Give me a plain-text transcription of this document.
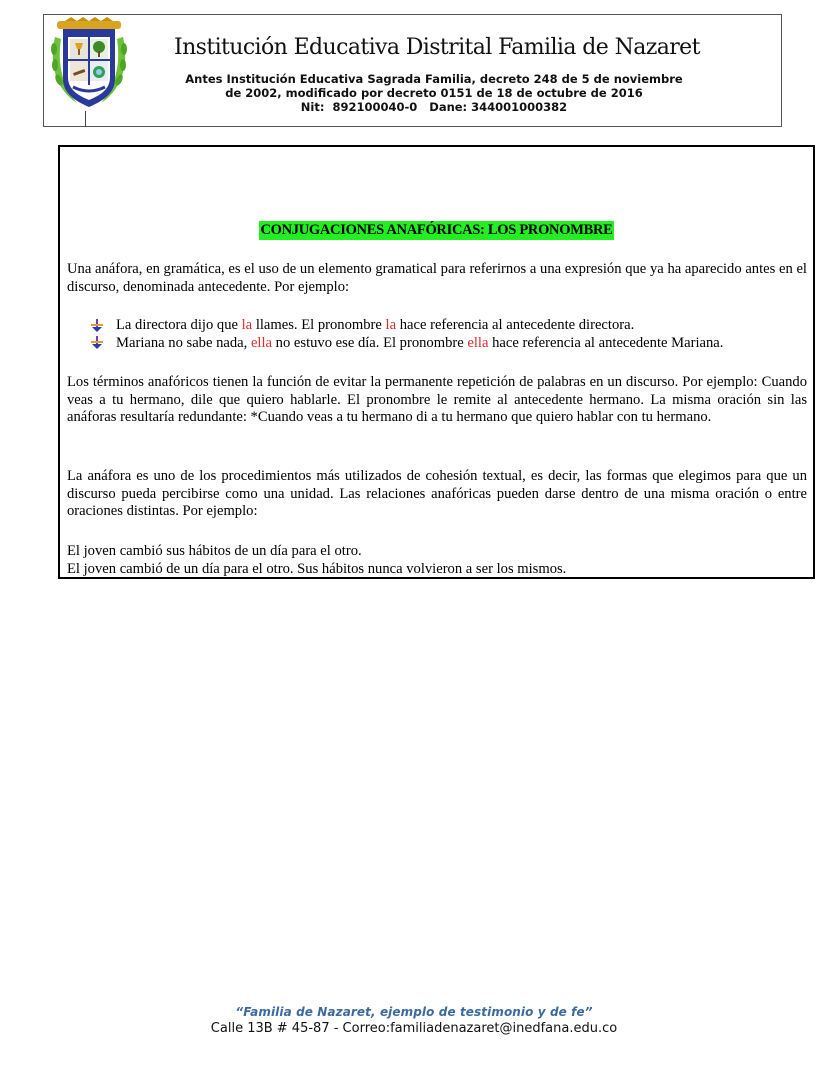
Institución Educativa Distrital Familia de Nazaret
Antes Institución Educativa Sagrada Familia, decreto 248 de 5 de noviembre
de 2002, modificado por decreto 0151 de 18 de octubre de 2016
Nit:  892100040-0   Dane: 344001000382
CONJUGACIONES ANAFÓRICAS: LOS PRONOMBRE
Una anáfora, en gramática, es el uso de un elemento gramatical para referirnos a una expresión que ya ha aparecido antes en el discurso, denominada antecedente. Por ejemplo:
La directora dijo que la llames. El pronombre la hace referencia al antecedente directora.
Mariana no sabe nada, ella no estuvo ese día. El pronombre ella hace referencia al antecedente Mariana.
Los términos anafóricos tienen la función de evitar la permanente repetición de palabras en un discurso. Por ejemplo: Cuando veas a tu hermano, dile que quiero hablarle. El pronombre le remite al antecedente hermano. La misma oración sin las anáforas resultaría redundante: *Cuando veas a tu hermano di a tu hermano que quiero hablar con tu hermano.
La anáfora es uno de los procedimientos más utilizados de cohesión textual, es decir, las formas que elegimos para que un discurso pueda percibirse como una unidad. Las relaciones anafóricas pueden darse dentro de una misma oración o entre oraciones distintas. Por ejemplo:
El joven cambió sus hábitos de un día para el otro.
El joven cambió de un día para el otro. Sus hábitos nunca volvieron a ser los mismos.
“Familia de Nazaret, ejemplo de testimonio y de fe”
Calle 13B # 45-87 - Correo:familiadenazaret@inedfana.edu.co
